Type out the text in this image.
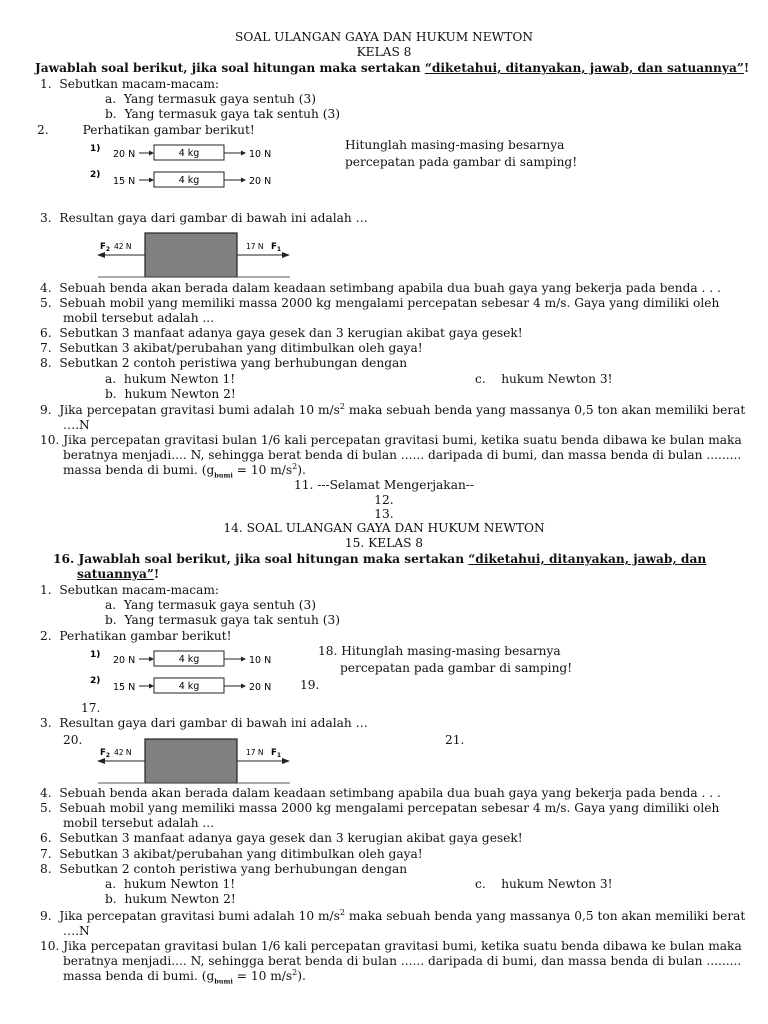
SOAL ULANGAN GAYA DAN HUKUM NEWTON
KELAS 8
Jawablah soal berikut, jika soal hitungan maka sertakan “diketahui, ditanyakan, jawab, dan satuannya”!
1. Sebutkan macam-macam:
a. Yang termasuk gaya sentuh (3)
b. Yang termasuk gaya tak sentuh (3)
2.	Perhatikan gambar berikut!
1) 20 N	4 kg	10 N
2)
15 N	4 kg	20 N
Hitunglah masing-masing besarnya
percepatan pada gambar di samping!
3. Resultan gaya dari gambar di bawah ini adalah …
$F_2$ 42 N	17 N $F_1$
4. Sebuah benda akan berada dalam keadaan setimbang apabila dua buah gaya yang bekerja pada benda . . .
5. Sebuah mobil yang memiliki massa 2000 kg mengalami percepatan sebesar 4 m/s. Gaya yang dimiliki oleh
mobil tersebut adalah ...
6. Sebutkan 3 manfaat adanya gaya gesek dan 3 kerugian akibat gaya gesek!
7. Sebutkan 3 akibat/perubahan yang ditimbulkan oleh gaya!
8. Sebutkan 2 contoh peristiwa yang berhubungan dengan
a. hukum Newton 1!	c. hukum Newton 3!
b. hukum Newton 2!
9. Jika percepatan gravitasi bumi adalah 10 $m/s^2$ maka sebuah benda yang massanya 0,5 ton akan memiliki berat
….N
10. Jika percepatan gravitasi bulan 1/6 kali percepatan gravitasi bumi, ketika suatu benda dibawa ke bulan maka
beratnya menjadi.... N, sehingga berat benda di bulan ...... daripada di bumi, dan massa benda di bulan .........
massa benda di bumi. ($g_{bumi} = 10$ $m/s^2$).
11. ---Selamat Mengerjakan--
12.
13.
14. SOAL ULANGAN GAYA DAN HUKUM NEWTON
15. KELAS 8
16. Jawablah soal berikut, jika soal hitungan maka sertakan “diketahui, ditanyakan, jawab, dan
satuannya”!
1. Sebutkan macam-macam:
a. Yang termasuk gaya sentuh (3)
b. Yang termasuk gaya tak sentuh (3)
2. Perhatikan gambar berikut!
1) 20 N	4 kg	10 N
2)
15 N	4 kg	20 N
18. Hitunglah masing-masing besarnya
percepatan pada gambar di samping!
19.
17.
3. Resultan gaya dari gambar di bawah ini adalah …
20.	21.
$F_2$ 42 N	17 N $F_1$
4. Sebuah benda akan berada dalam keadaan setimbang apabila dua buah gaya yang bekerja pada benda . . .
5. Sebuah mobil yang memiliki massa 2000 kg mengalami percepatan sebesar 4 m/s. Gaya yang dimiliki oleh
mobil tersebut adalah ...
6. Sebutkan 3 manfaat adanya gaya gesek dan 3 kerugian akibat gaya gesek!
7. Sebutkan 3 akibat/perubahan yang ditimbulkan oleh gaya!
8. Sebutkan 2 contoh peristiwa yang berhubungan dengan
a. hukum Newton 1!	c. hukum Newton 3!
b. hukum Newton 2!
9. Jika percepatan gravitasi bumi adalah 10 $m/s^2$ maka sebuah benda yang massanya 0,5 ton akan memiliki berat
….N
10. Jika percepatan gravitasi bulan 1/6 kali percepatan gravitasi bumi, ketika suatu benda dibawa ke bulan maka
beratnya menjadi.... N, sehingga berat benda di bulan ...... daripada di bumi, dan massa benda di bulan .........
massa benda di bumi. ($g_{bumi} = 10$ $m/s^2$).
